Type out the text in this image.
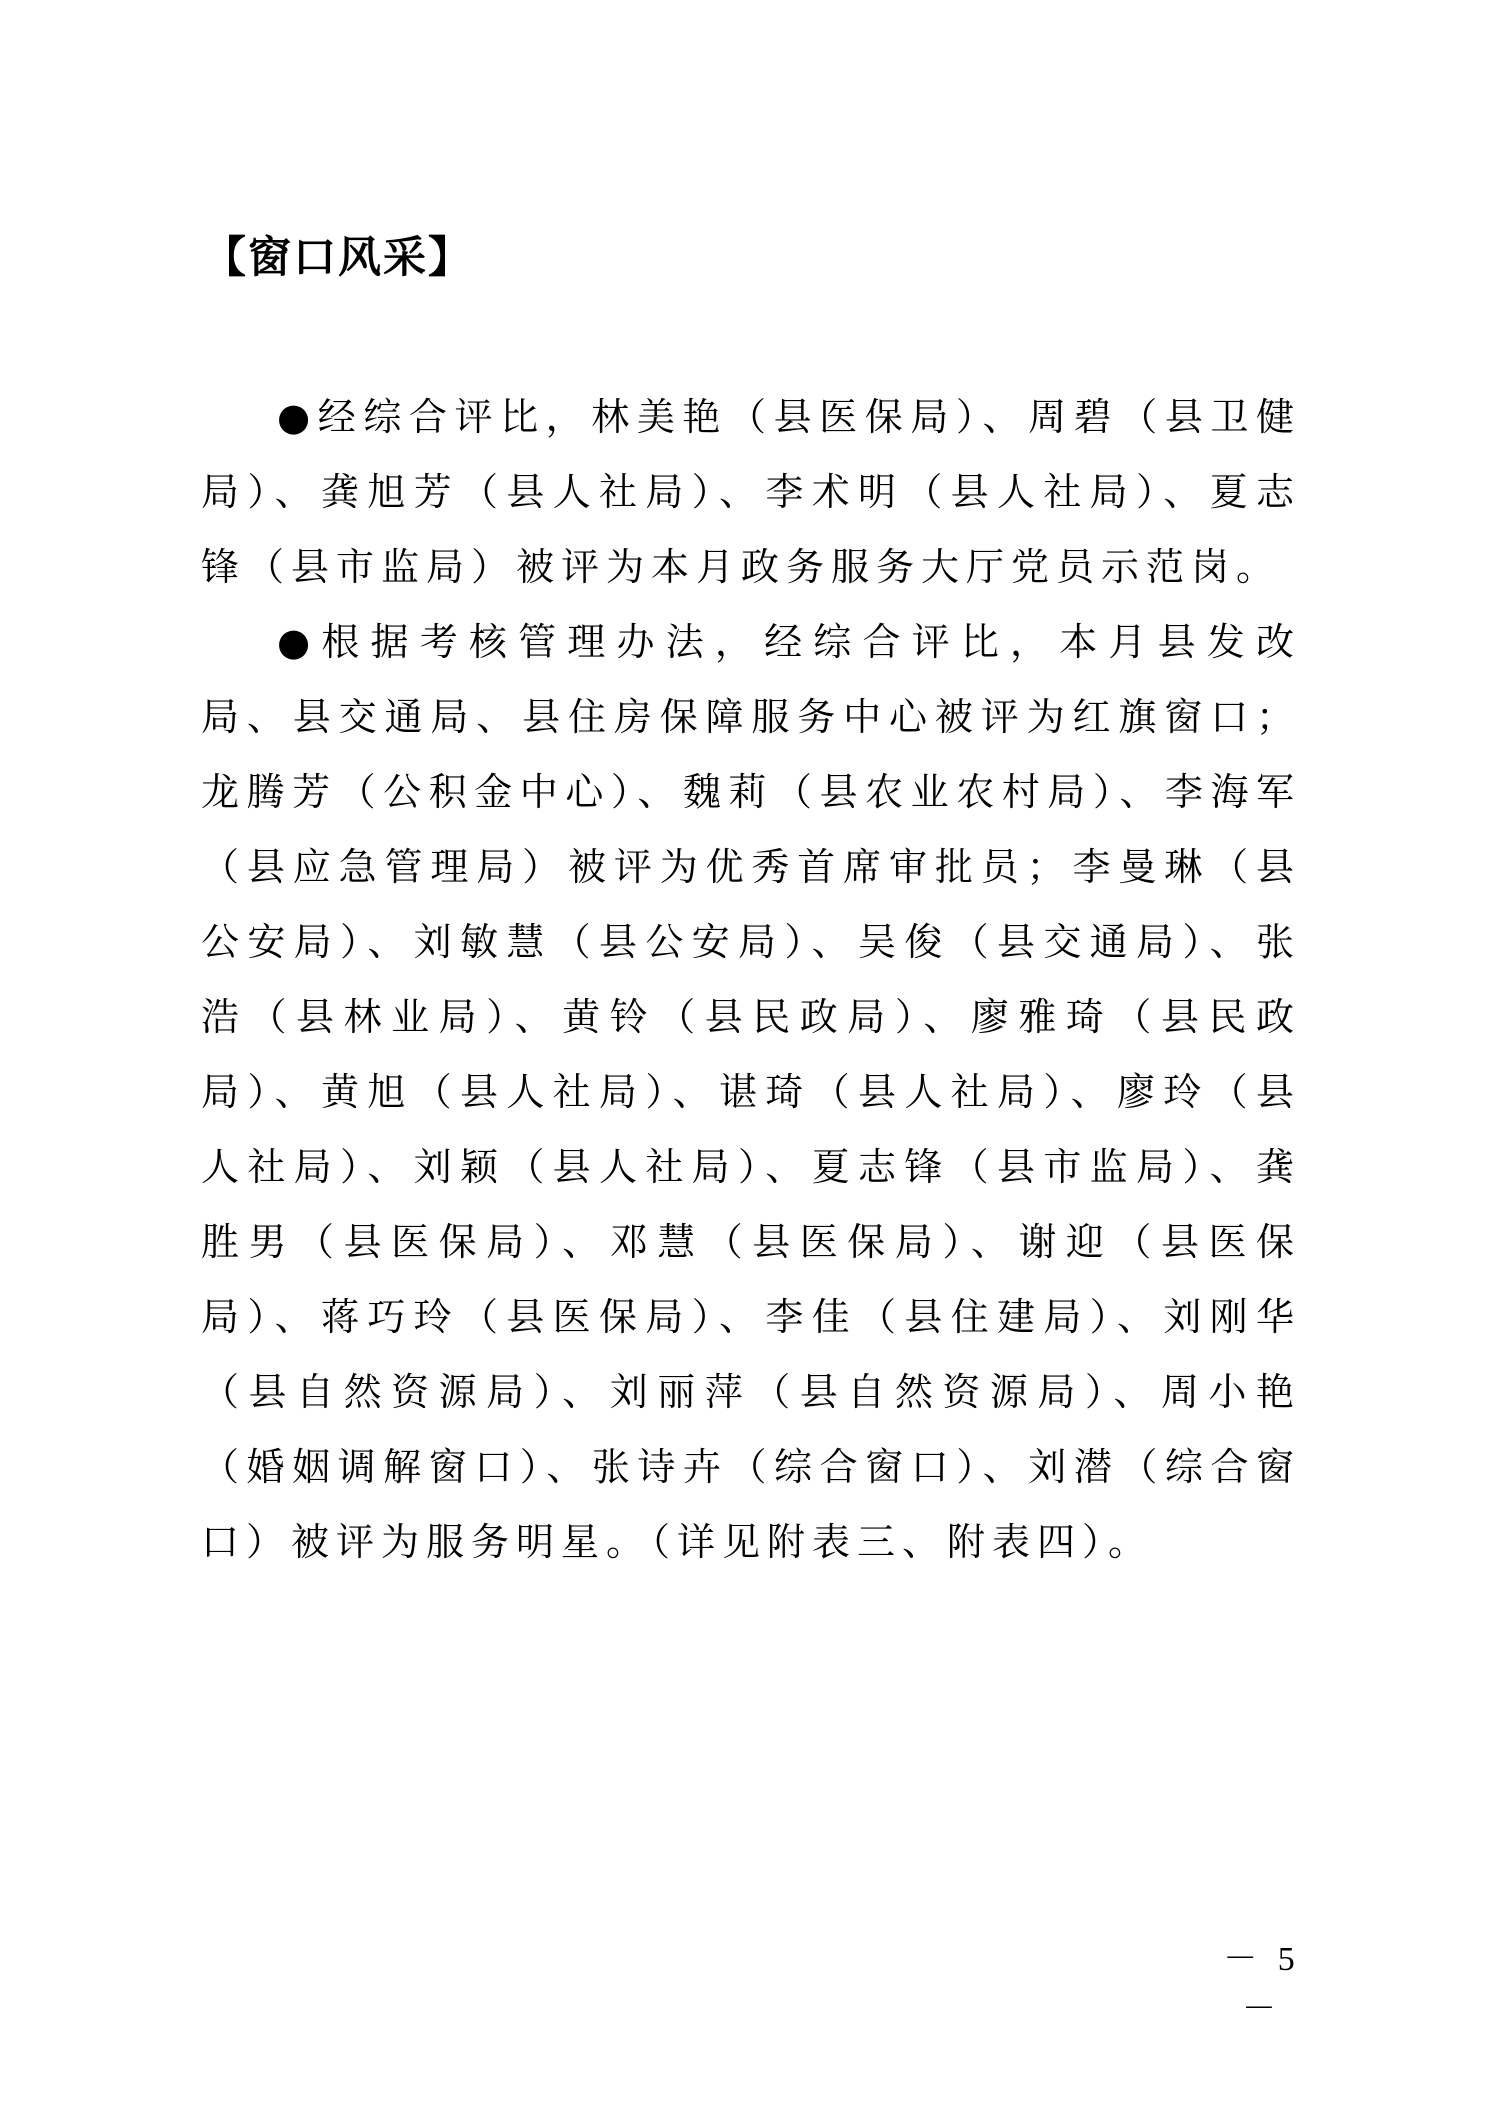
【窗口风采】

●经综合评比，林美艳（县医保局）、周碧（县卫健局）、龚旭芳（县人社局）、李术明（县人社局）、夏志锋（县市监局）被评为本月政务服务大厅党员示范岗。

●根据考核管理办法，经综合评比，本月县发改局、县交通局、县住房保障服务中心被评为红旗窗口；龙腾芳（公积金中心）、魏莉（县农业农村局）、李海军（县应急管理局）被评为优秀首席审批员；李曼琳（县公安局）、刘敏慧（县公安局）、吴俊（县交通局）、张浩（县林业局）、黄铃（县民政局）、廖雅琦（县民政局）、黄旭（县人社局）、谌琦（县人社局）、廖玲（县人社局）、刘颖（县人社局）、夏志锋（县市监局）、龚胜男（县医保局）、邓慧（县医保局）、谢迎（县医保局）、蒋巧玲（县医保局）、李佳（县住建局）、刘刚华（县自然资源局）、刘丽萍（县自然资源局）、周小艳（婚姻调解窗口）、张诗卉（综合窗口）、刘潜（综合窗口）被评为服务明星。（详见附表三、附表四）。

－ 5 －
